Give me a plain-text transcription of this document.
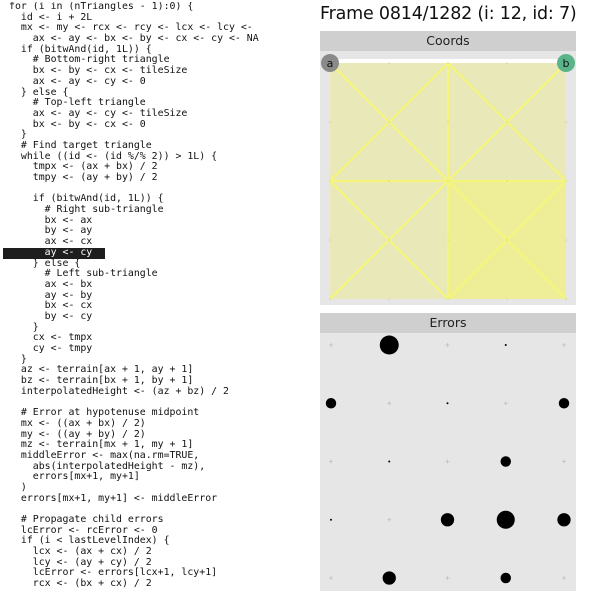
for (i in (nTriangles - 1):0) {
id <- i + 2L
mx <- my <- rcx <- rcy <- lcx <- lcy <-
ax <- ay <- bx <- by <- cx <- cy <- NA
if (bitwAnd(id, 1L)) {
# Bottom-right triangle
bx <- by <- cx <- tileSize
ax <- ay <- cy <- 0
} else {
# Top-left triangle
ax <- ay <- cy <- tileSize
bx <- by <- cx <- 0
}
# Find target triangle
while ((id <- (id %/% 2)) > 1L) {
tmpx <- (ax + bx) / 2
tmpy <- (ay + by) / 2
if (bitwAnd(id, 1L)) {
# Right sub-triangle
bx <- ax
by <- ay
ax <- cx
ay <- cy
} else {
# Left sub-triangle
ax <- bx
ay <- by
bx <- cx
by <- cy
}
cx <- tmpx
cy <- tmpy
}
az <- terrain[ax + 1, ay + 1]
bz <- terrain[bx + 1, by + 1]
interpolatedHeight <- (az + bz) / 2
# Error at hypotenuse midpoint
mx <- ((ax + bx) / 2)
my <- ((ay + by) / 2)
mz <- terrain[mx + 1, my + 1]
middleError <- max(na.rm=TRUE,
abs(interpolatedHeight - mz),
errors[mx+1, my+1]
)
errors[mx+1, my+1] <- middleError
# Propagate child errors
lcError <- rcError <- 0
if (i < lastLevelIndex) {
lcx <- (ax + cx) / 2
lcy <- (ay + cy) / 2
lcError <- errors[lcx+1, lcy+1]
rcx <- (bx + cx) / 2
Frame 0814/1282 (i: 12, id: 7)
Coords
a	b
Errors
